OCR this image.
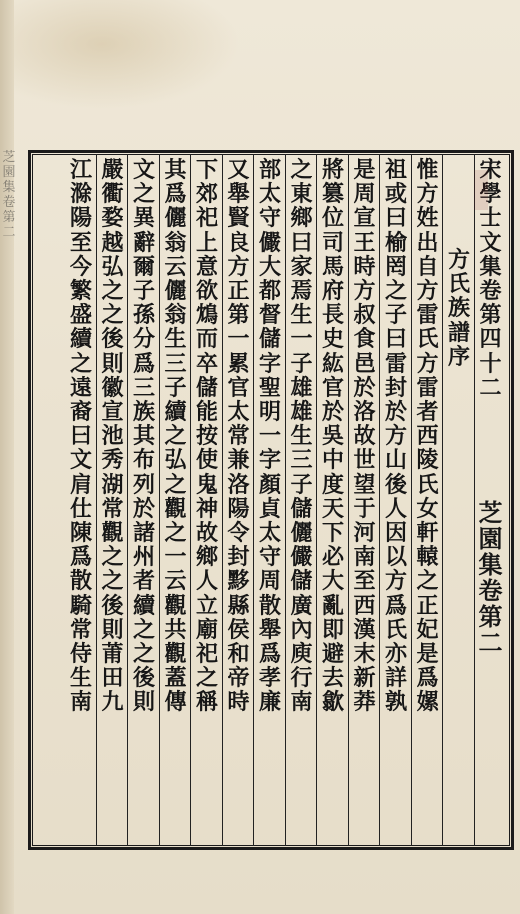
芝
園
集
卷
第
二
宋
學
士
文
集
卷
第
四
十
二
方
氏
族
譜
序
惟
方
姓
出
自
方
雷
氏
方
雷
者
西
陵
氏
女
軒
轅
之
正
妃
是
爲
嫘
祖
或
曰
榆
罔
之
子
曰
雷
封
於
方
山
後
人
因
以
方
爲
氏
亦
詳
孰
是
周
宣
王
時
方
叔
食
邑
於
洛
故
世
望
于
河
南
至
西
漢
末
新
莽
將
篡
位
司
馬
府
長
史
紘
官
於
吳
中
度
天
下
必
大
亂
即
避
去
歙
之
東
鄉
曰
家
焉
生
一
子
雄
雄
生
三
子
儲
儷
儼
儲
廣
內
庾
行
南
部
太
守
儼
大
都
督
儲
字
聖
明
一
字
顏
貞
太
守
周
散
舉
爲
孝
廉
又
舉
賢
良
方
正
第
一
累
官
太
常
兼
洛
陽
令
封
黟
縣
侯
和
帝
時
下
郊
祀
上
意
欲
鴆
而
卒
儲
能
按
使
鬼
神
故
鄉
人
立
廟
祀
之
稱
其
爲
儷
翁
云
儷
翁
生
三
子
續
之
弘
之
觀
之
一
云
觀
共
觀
蓋
傳
文
之
異
辭
爾
子
孫
分
爲
三
族
其
布
列
於
諸
州
者
續
之
之
後
則
嚴
衢
婺
越
弘
之
之
後
則
徽
宣
池
秀
湖
常
觀
之
之
後
則
莆
田
九
江
滁
陽
至
今
繁
盛
續
之
遠
裔
曰
文
肩
仕
陳
爲
散
騎
常
侍
生
南
芝
園
集
卷
第
二
